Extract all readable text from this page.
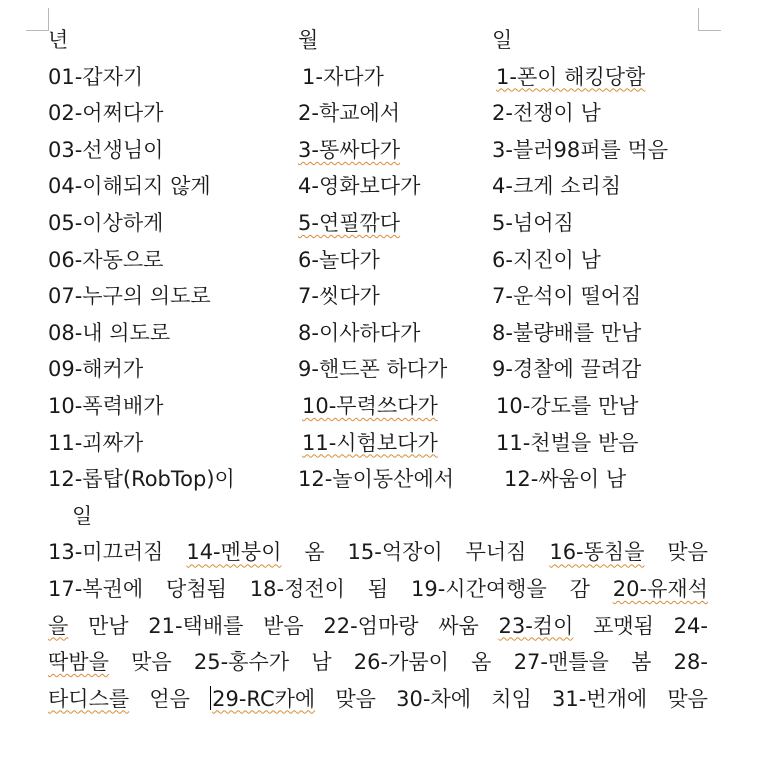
년	월	일
01-갑자기	1-자다가	1-폰이 해킹당함
02-어쩌다가	2-학교에서	2-전쟁이 남
03-선생님이	3-똥싸다가	3-블러98퍼를 먹음
04-이해되지 않게	4-영화보다가	4-크게 소리침
05-이상하게	5-연필깎다	5-넘어짐
06-자동으로	6-놀다가	6-지진이 남
07-누구의 의도로	7-씻다가	7-운석이 떨어짐
08-내 의도로	8-이사하다가	8-불량배를 만남
09-해커가	9-핸드폰 하다가 9-경찰에 끌려감
10-폭력배가	10-무력쓰다가	10-강도를 만남
11-괴짜가	11-시험보다가	11-천벌을 받음
12-롭탑(RobTop)이	12-놀이동산에서 12-싸움이 남
일
13-미끄러짐 14-멘붕이 옴 15-억장이 무너짐 16-똥침을 맞음
17-복권에 당첨됨 18-정전이 됨 19-시간여행을 감 20-유재석
을 만남 21-택배를 받음 22-엄마랑 싸움 23-컴이 포맷됨 24-
딱밤을 맞음 25-홍수가 남 26-가뭄이 옴 27-맨틀을 봄 28-
타디스를 얻음 29-RC카에 맞음 30-차에 치임 31-번개에 맞음
